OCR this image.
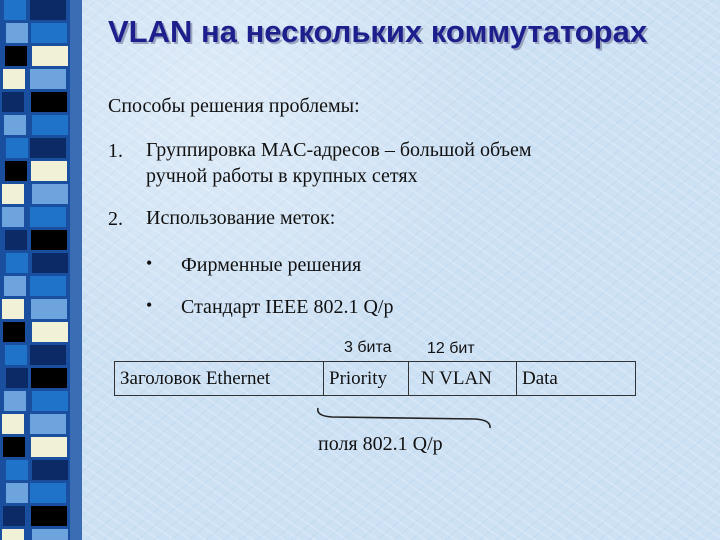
VLAN на нескольких коммутаторах
Способы решения проблемы:
1. Группировка MAC-адресов – большой объем
ручной работы в крупных сетях
2. Использование меток:
• Фирменные решения
• Стандарт IEEE 802.1 Q/p
3 бита 12 бит
Заголовок Ethernet	Priority	N VLAN	Data
поля 802.1 Q/p
